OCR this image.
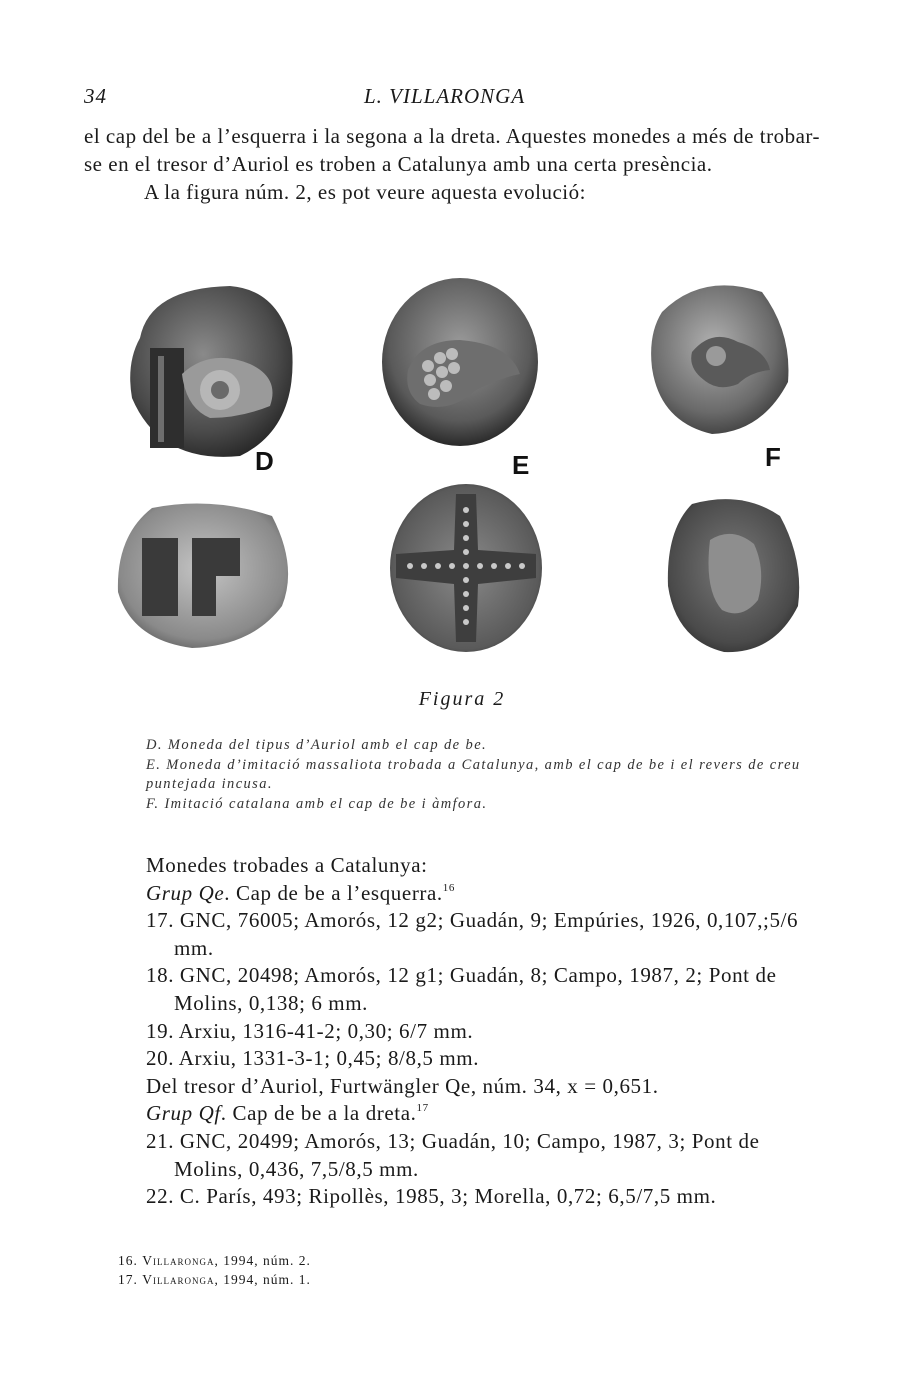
34	L. VILLARONGA

el cap del be a l’esquerra i la segona a la dreta. Aquestes monedes a més de trobar-se en el tresor d’Auriol es troben a Catalunya amb una certa presència.

A la figura núm. 2, es pot veure aquesta evolució:

D	E	F
Figura 2

D. Moneda del tipus d’Auriol amb el cap de be.

E. Moneda d’imitació massaliota trobada a Catalunya, amb el cap de be i el revers de creu puntejada incusa.

F. Imitació catalana amb el cap de be i àmfora.

Monedes trobades a Catalunya:

Grup Qe. Cap de be a l’esquerra.$^{16}$

17. GNC, 76005; Amorós, 12 g2; Guadán, 9; Empúries, 1926, 0,107,;5/6 mm.

18. GNC, 20498; Amorós, 12 g1; Guadán, 8; Campo, 1987, 2; Pont de Molins, 0,138; 6 mm.

19. Arxiu, 1316-41-2; 0,30; 6/7 mm.

20. Arxiu, 1331-3-1; 0,45; 8/8,5 mm.

Del tresor d’Auriol, Furtwängler Qe, núm. 34, x = 0,651.

Grup Qf. Cap de be a la dreta.$^{17}$

21. GNC, 20499; Amorós, 13; Guadán, 10; Campo, 1987, 3; Pont de Molins, 0,436, 7,5/8,5 mm.

22. C. París, 493; Ripollès, 1985, 3; Morella, 0,72; 6,5/7,5 mm.

16. Villaronga, 1994, núm. 2.

17. Villaronga, 1994, núm. 1.
